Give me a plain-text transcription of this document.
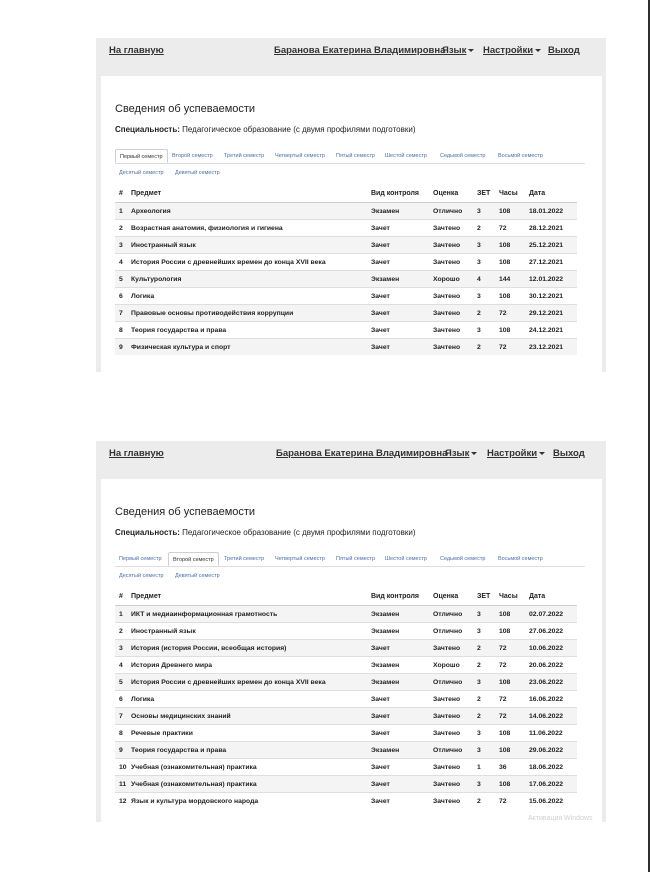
На главную	Баранова Екатерина Владимировна
Язык	Настройки	Выход
Сведения об успеваемости
Специальность: Педагогическое образование (с двумя профилями подготовки)
Первый семестр	Второй семестр	Третий семестр	Четвертый семестр	Пятый семестр	Шестой семестр	Седьмой семестр	Восьмой семестр
Десятый семестр	Девятый семестр
#	Предмет	Вид контроля	Оценка	ЗЕТ	Часы	Дата
1	Археология	Экзамен	Отлично	3	108	18.01.2022
2	Возрастная анатомия, физиология и гигиена	Зачет	Зачтено	2	72	28.12.2021
3	Иностранный язык	Зачет	Зачтено	3	108	25.12.2021
4	История России с древнейших времен до конца XVII века	Зачет	Зачтено	3	108	27.12.2021
5	Культурология	Экзамен	Хорошо	4	144	12.01.2022
6	Логика	Зачет	Зачтено	3	108	30.12.2021
7	Правовые основы противодействия коррупции	Зачет	Зачтено	2	72	29.12.2021
8	Теория государства и права	Зачет	Зачтено	3	108	24.12.2021
9	Физическая культура и спорт	Зачет	Зачтено	2	72	23.12.2021
На главную	Баранова Екатерина Владимировна
Язык	Настройки	Выход
Сведения об успеваемости
Специальность: Педагогическое образование (с двумя профилями подготовки)
Первый семестр	Второй семестр	Третий семестр	Четвертый семестр	Пятый семестр	Шестой семестр	Седьмой семестр	Восьмой семестр
Десятый семестр	Девятый семестр
#	Предмет	Вид контроля	Оценка	ЗЕТ	Часы	Дата
1	ИКТ и медиаинформационная грамотность	Экзамен	Отлично	3	108	02.07.2022
2	Иностранный язык	Экзамен	Отлично	3	108	27.06.2022
3	История (история России, всеобщая история)	Зачет	Зачтено	2	72	10.06.2022
4	История Древнего мира	Экзамен	Хорошо	2	72	20.06.2022
5	История России с древнейших времен до конца XVII века	Экзамен	Отлично	3	108	23.06.2022
6	Логика	Зачет	Зачтено	2	72	16.06.2022
7	Основы медицинских знаний	Зачет	Зачтено	2	72	14.06.2022
8	Речевые практики	Зачет	Зачтено	3	108	11.06.2022
9	Теория государства и права	Экзамен	Отлично	3	108	29.06.2022
10	Учебная (ознакомительная) практика	Зачет	Зачтено	1	36	18.06.2022
11	Учебная (ознакомительная) практика	Зачет	Зачтено	3	108	17.06.2022
12	Язык и культура мордовского народа	Зачет	Зачтено	2	72	15.06.2022
Активация Windows
